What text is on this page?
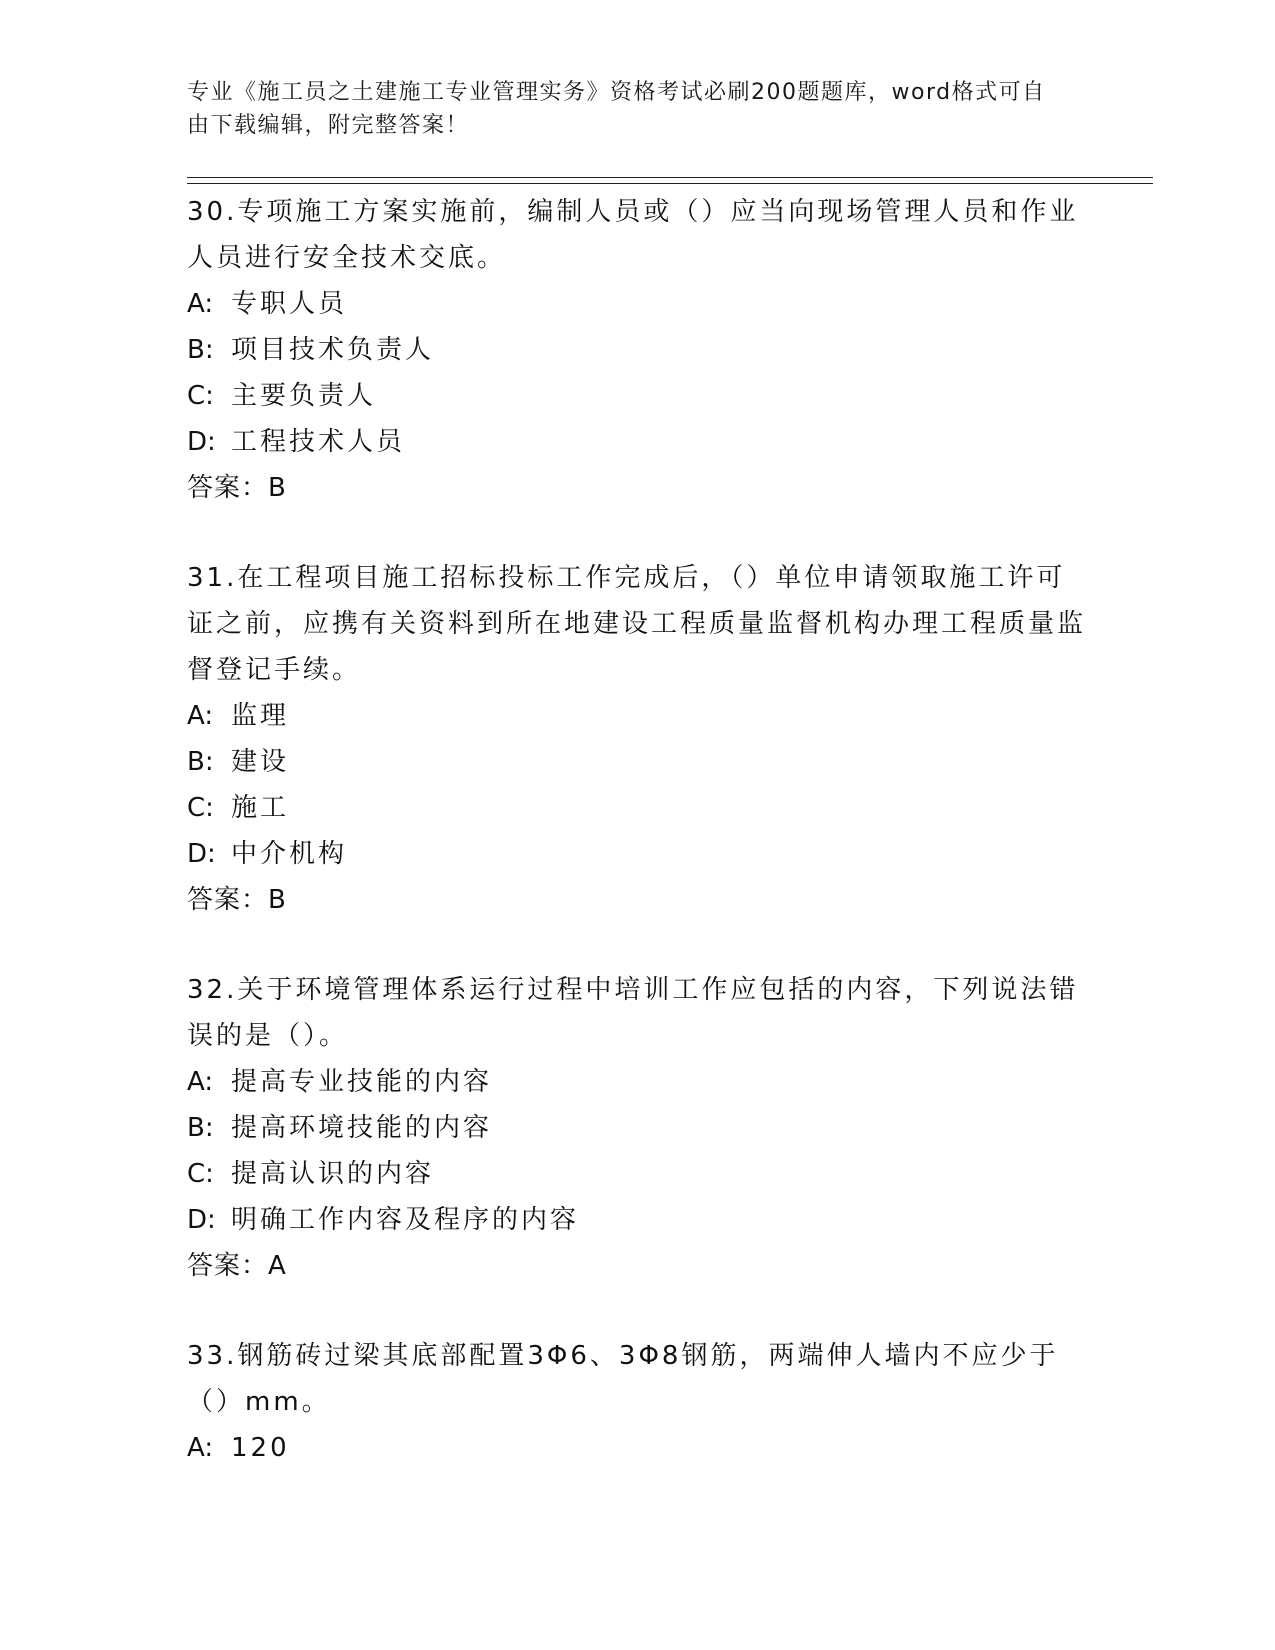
专业《施工员之土建施工专业管理实务》资格考试必刷200题题库，word格式可自由下载编辑，附完整答案！

30.专项施工方案实施前，编制人员或（）应当向现场管理人员和作业人员进行安全技术交底。

A: 专职人员

B: 项目技术负责人

C: 主要负责人

D: 工程技术人员

答案：B

31.在工程项目施工招标投标工作完成后，（）单位申请领取施工许可证之前，应携有关资料到所在地建设工程质量监督机构办理工程质量监督登记手续。

A: 监理

B: 建设

C: 施工

D: 中介机构

答案：B

32.关于环境管理体系运行过程中培训工作应包括的内容，下列说法错误的是（）。

A: 提高专业技能的内容

B: 提高环境技能的内容

C: 提高认识的内容

D: 明确工作内容及程序的内容

答案：A

33.钢筋砖过梁其底部配置3Φ6、3Φ8钢筋，两端伸人墙内不应少于（）mm。

A: 120
